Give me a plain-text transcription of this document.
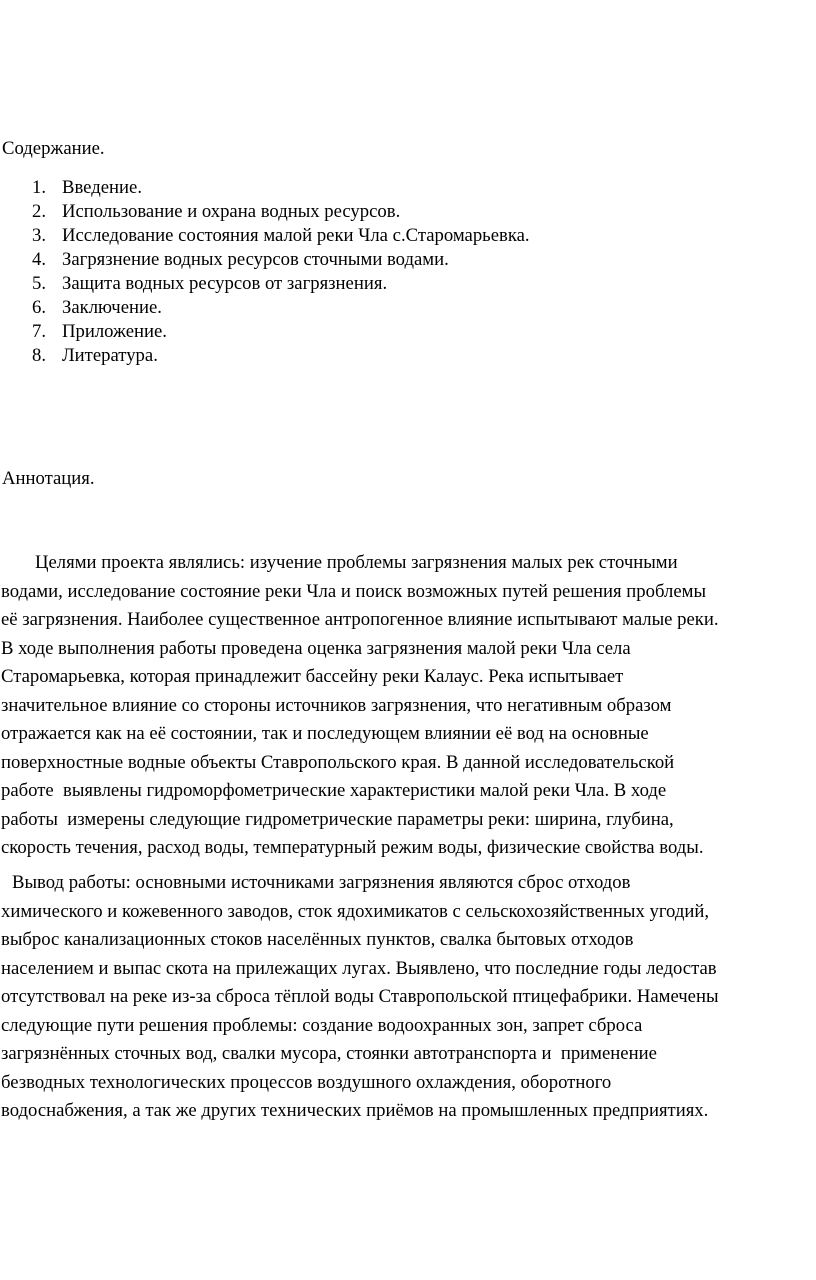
Содержание.
1. Введение.
2. Использование и охрана водных ресурсов.
3. Исследование состояния малой реки Чла с.Старомарьевка.
4. Загрязнение водных ресурсов сточными водами.
5. Защита водных ресурсов от загрязнения.
6. Заключение.
7. Приложение.
8. Литература.
Аннотация.
Целями проекта являлись: изучение проблемы загрязнения малых рек сточными
водами, исследование состояние реки Чла и поиск возможных путей решения проблемы
её загрязнения. Наиболее существенное антропогенное влияние испытывают малые реки.
В ходе выполнения работы проведена оценка загрязнения малой реки Чла села
Старомарьевка, которая принадлежит бассейну реки Калаус. Река испытывает
значительное влияние со стороны источников загрязнения, что негативным образом
отражается как на её состоянии, так и последующем влиянии её вод на основные
поверхностные водные объекты Ставропольского края. В данной исследовательской
работе  выявлены гидроморфометрические характеристики малой реки Чла. В ходе
работы  измерены следующие гидрометрические параметры реки: ширина, глубина,
скорость течения, расход воды, температурный режим воды, физические свойства воды.
Вывод работы: основными источниками загрязнения являются сброс отходов
химического и кожевенного заводов, сток ядохимикатов с сельскохозяйственных угодий,
выброс канализационных стоков населённых пунктов, свалка бытовых отходов
населением и выпас скота на прилежащих лугах. Выявлено, что последние годы ледостав
отсутствовал на реке из-за сброса тёплой воды Ставропольской птицефабрики. Намечены
следующие пути решения проблемы: создание водоохранных зон, запрет сброса
загрязнённых сточных вод, свалки мусора, стоянки автотранспорта и  применение
безводных технологических процессов воздушного охлаждения, оборотного
водоснабжения, а так же других технических приёмов на промышленных предприятиях.
